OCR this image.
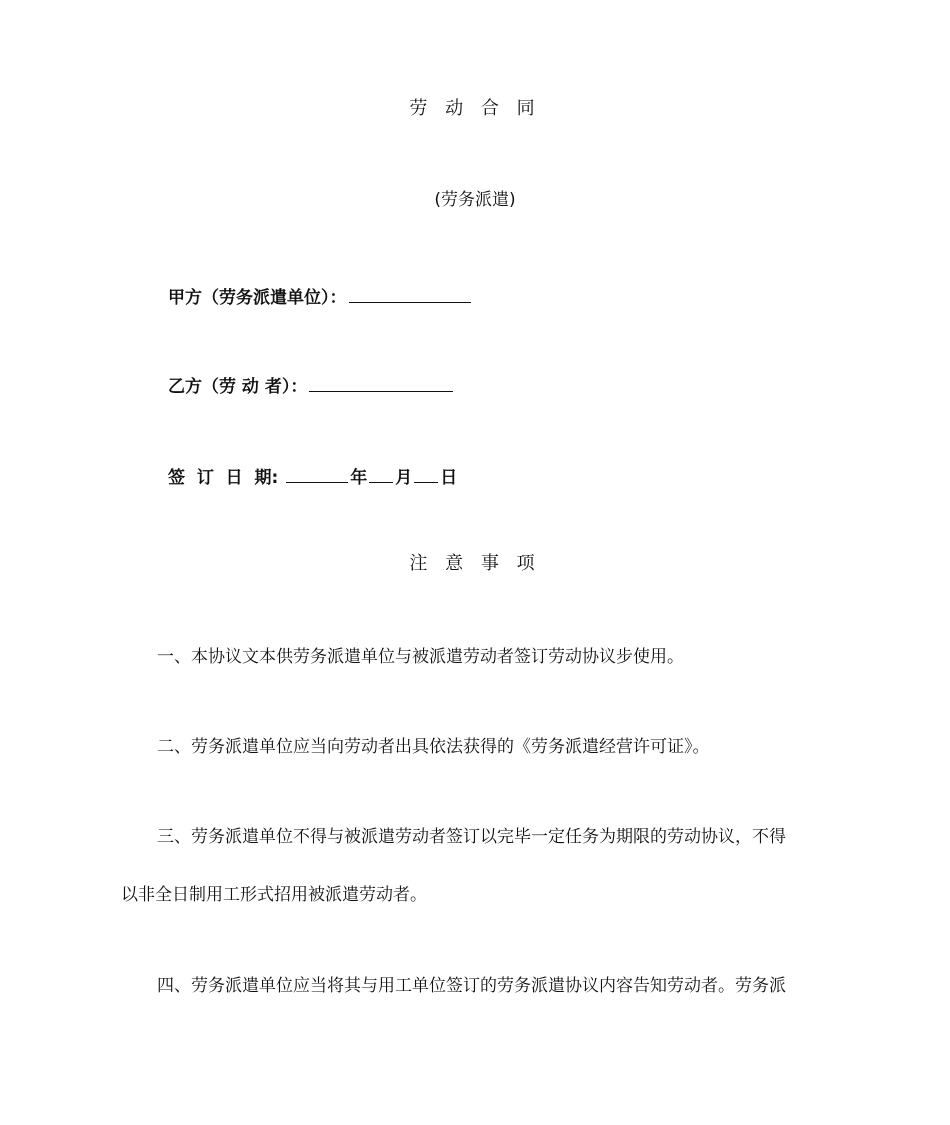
劳 动 合 同
(劳务派遣)
甲方（劳务派遣单位）：
乙方（劳 动 者）：
签  订  日  期:	年 月 日
注 意 事 项
一、本协议文本供劳务派遣单位与被派遣劳动者签订劳动协议步使用。
二、劳务派遣单位应当向劳动者出具依法获得的《劳务派遣经营许可证》。
三、劳务派遣单位不得与被派遣劳动者签订以完毕一定任务为期限的劳动协议，不得
以非全日制用工形式招用被派遣劳动者。
四、劳务派遣单位应当将其与用工单位签订的劳务派遣协议内容告知劳动者。劳务派
